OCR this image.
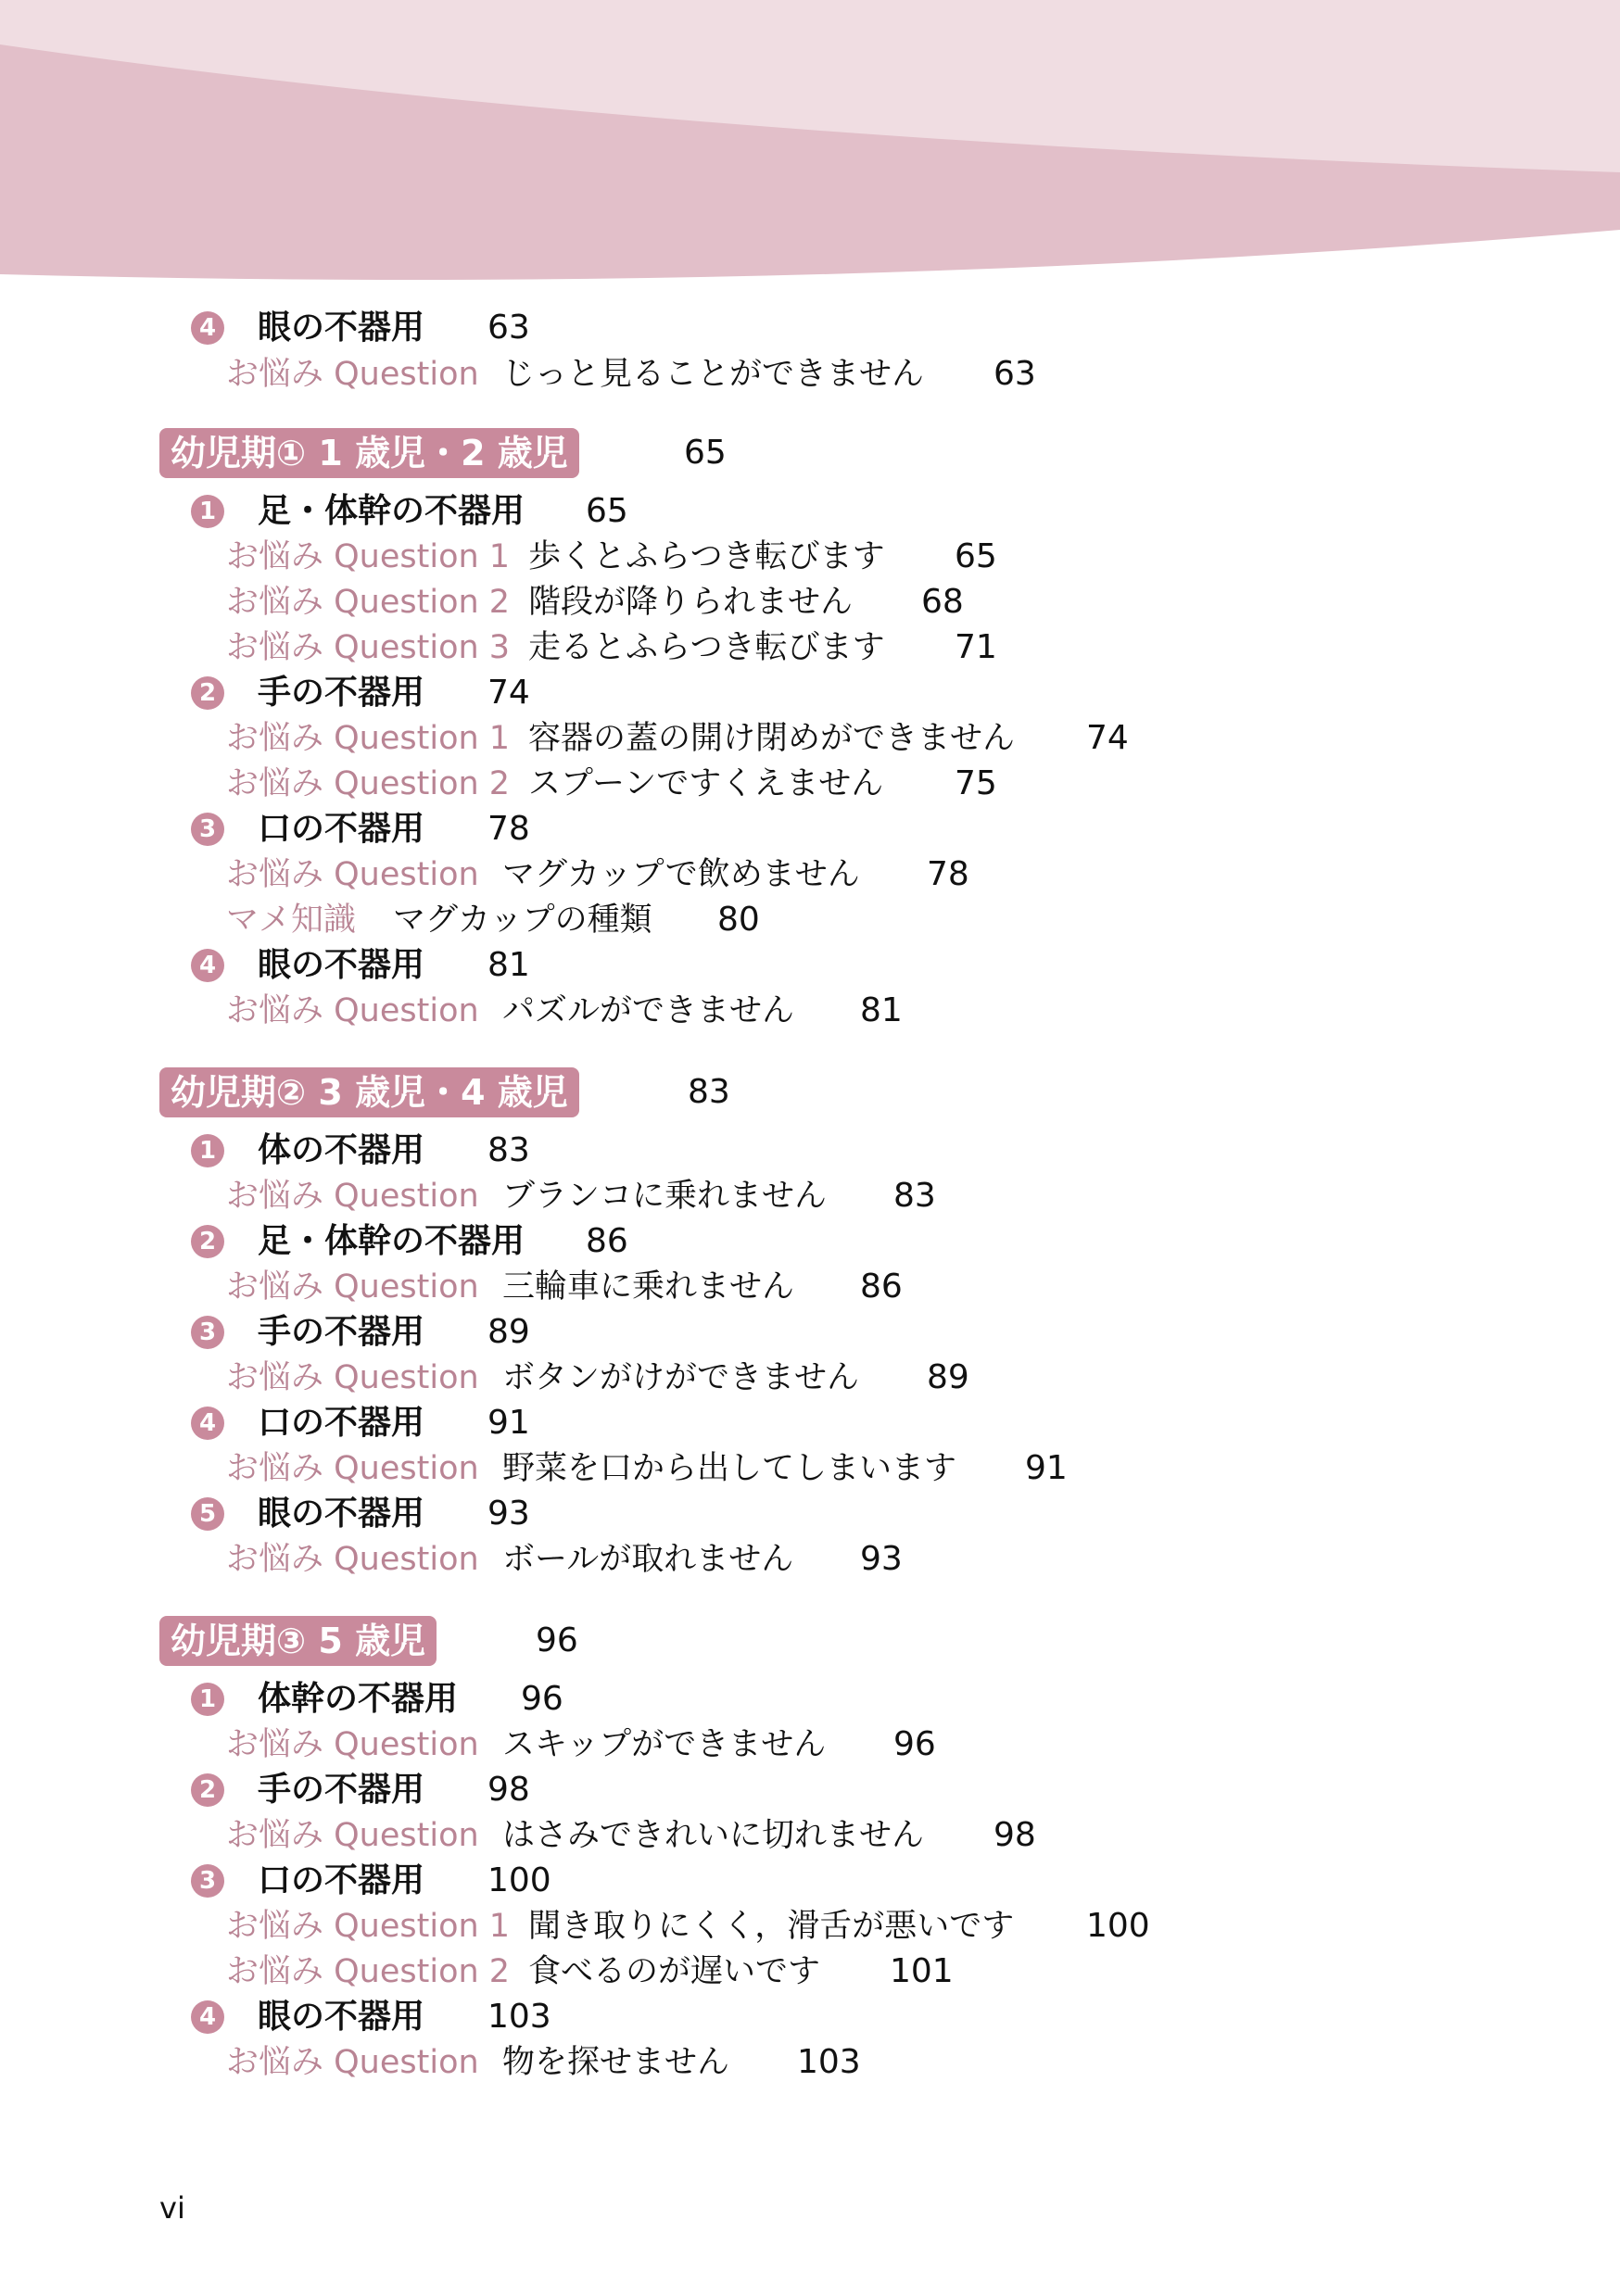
4 眼の不器用 63
お悩み Question じっと見ることができません 63
幼児期① 1 歳児・2 歳児	65
1 足・体幹の不器用 65
お悩み Question 1 歩くとふらつき転びます 65
お悩み Question 2 階段が降りられません 68
お悩み Question 3 走るとふらつき転びます 71
2 手の不器用 74
お悩み Question 1 容器の蓋の開け閉めができません 74
お悩み Question 2 スプーンですくえません 75
3 口の不器用 78
お悩み Question マグカップで飲めません 78
マメ知識 マグカップの種類 80
4 眼の不器用 81
お悩み Question パズルができません 81
幼児期② 3 歳児・4 歳児	83
1 体の不器用 83
お悩み Question ブランコに乗れません 83
2 足・体幹の不器用 86
お悩み Question 三輪車に乗れません 86
3 手の不器用 89
お悩み Question ボタンがけができません 89
4 口の不器用 91
お悩み Question 野菜を口から出してしまいます 91
5 眼の不器用 93
お悩み Question ボールが取れません 93
幼児期③ 5 歳児	96
1 体幹の不器用 96
お悩み Question スキップができません 96
2 手の不器用 98
お悩み Question はさみできれいに切れません 98
3 口の不器用 100
お悩み Question 1 聞き取りにくく，滑舌が悪いです 100
お悩み Question 2 食べるのが遅いです 101
4 眼の不器用 103
お悩み Question 物を探せません 103
vi
